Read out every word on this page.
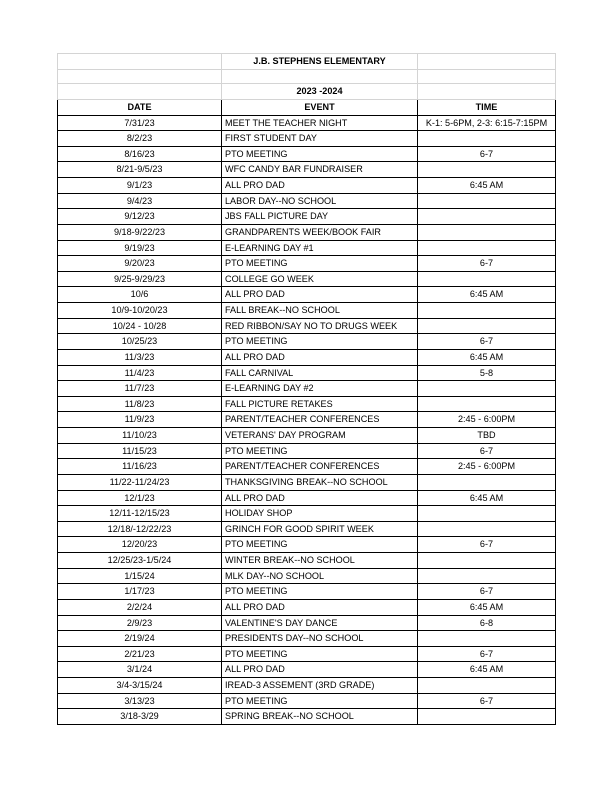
	J.B. STEPHENS ELEMENTARY	

	2023 -2024	
DATE	EVENT	TIME
7/31/23	MEET THE TEACHER NIGHT	K-1: 5-6PM, 2-3: 6:15-7:15PM
8/2/23	FIRST STUDENT DAY	
8/16/23	PTO MEETING	6-7
8/21-9/5/23	WFC CANDY BAR FUNDRAISER	
9/1/23	ALL PRO DAD	6:45 AM
9/4/23	LABOR DAY--NO SCHOOL	
9/12/23	JBS FALL PICTURE DAY	
9/18-9/22/23	GRANDPARENTS WEEK/BOOK FAIR	
9/19/23	E-LEARNING DAY #1	
9/20/23	PTO MEETING	6-7
9/25-9/29/23	COLLEGE GO WEEK	
10/6	ALL PRO DAD	6:45 AM
10/9-10/20/23	FALL BREAK--NO SCHOOL	
10/24 - 10/28	RED RIBBON/SAY NO TO DRUGS WEEK	
10/25/23	PTO MEETING	6-7
11/3/23	ALL PRO DAD	6:45 AM
11/4/23	FALL CARNIVAL	5-8
11/7/23	E-LEARNING DAY #2	
11/8/23	FALL PICTURE RETAKES	
11/9/23	PARENT/TEACHER CONFERENCES	2:45 - 6:00PM
11/10/23	VETERANS' DAY PROGRAM	TBD
11/15/23	PTO MEETING	6-7
11/16/23	PARENT/TEACHER CONFERENCES	2:45 - 6:00PM
11/22-11/24/23	THANKSGIVING BREAK--NO SCHOOL	
12/1/23	ALL PRO DAD	6:45 AM
12/11-12/15/23	HOLIDAY SHOP	
12/18/-12/22/23	GRINCH FOR GOOD SPIRIT WEEK	
12/20/23	PTO MEETING	6-7
12/25/23-1/5/24	WINTER BREAK--NO SCHOOL	
1/15/24	MLK DAY--NO SCHOOL	
1/17/23	PTO MEETING	6-7
2/2/24	ALL PRO DAD	6:45 AM
2/9/23	VALENTINE'S DAY DANCE	6-8
2/19/24	PRESIDENTS DAY--NO SCHOOL	
2/21/23	PTO MEETING	6-7
3/1/24	ALL PRO DAD	6:45 AM
3/4-3/15/24	IREAD-3 ASSEMENT (3RD GRADE)	
3/13/23	PTO MEETING	6-7
3/18-3/29	SPRING BREAK--NO SCHOOL	
